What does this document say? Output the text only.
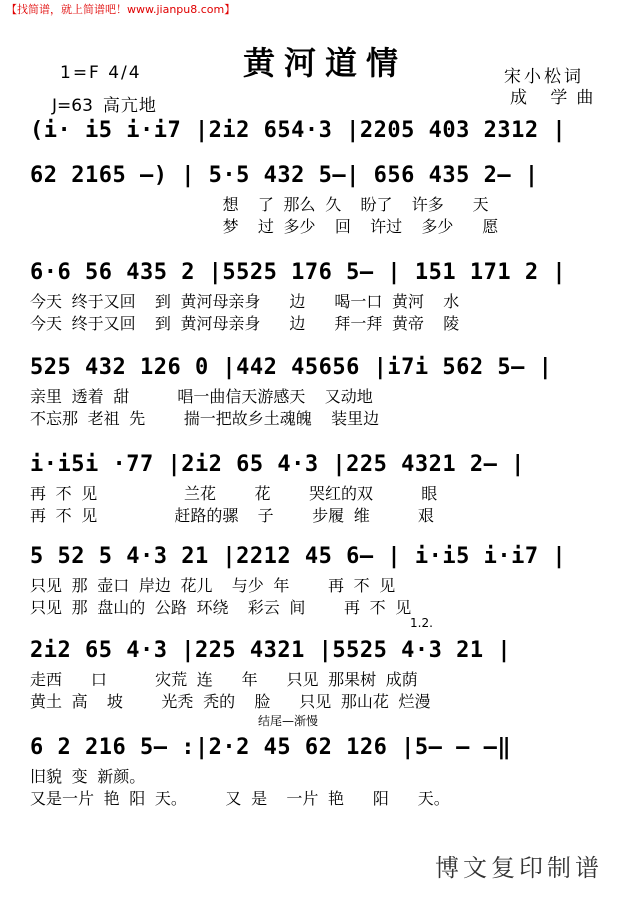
【找简谱，就上简谱吧！www.jianpu8.com】
黄河道情
1=F 4/4
J=63 高亢地
宋小松词
成 学曲
(i· i5 i·i7 |2i2 654·3 |2205 403 2312 |
62 2165 –) | 5·5 432 5–| 656 435 2– |
想  了 那么 久  盼了  许多   天
梦  过 多少  回  许过  多少   愿
6·6 56 435 2 |5525 176 5– | 151 171 2 |
今天 终于又回  到 黄河母亲身   边   喝一口 黄河  水
今天 终于又回  到 黄河母亲身   边   拜一拜 黄帝  陵
525 432 126 0 |442 45656 |i7i 562 5– |
亲里 透着 甜     唱一曲信天游感天  又动地
不忘那 老祖 先    揣一把故乡土魂魄  装里边
i·i5i ·77 |2i2 65 4·3 |225 4321 2– |
再 不 见         兰花    花    哭红的双     眼
再 不 见        赶路的骡  子    步履 维     艰
5 52 5 4·3 21 |2212 45 6– | i·i5 i·i7 |
只见 那 壶口 岸边 花儿  与少 年    再 不 见
只见 那 盘山的 公路 环绕  彩云 间    再 不 见
1.2.
2i2 65 4·3 |225 4321 |5525 4·3 21 |
走西   口     灾荒 连   年   只见 那果树 成荫
黄土 高  坡    光秃 秃的  脸   只见 那山花 烂漫
结尾—渐慢
6 2 216 5– :|2·2 45 62 126 |5– – –‖
旧貌 变 新颜。
又是一片 艳 阳 天。    又 是  一片 艳   阳   天。
博文复印制谱
